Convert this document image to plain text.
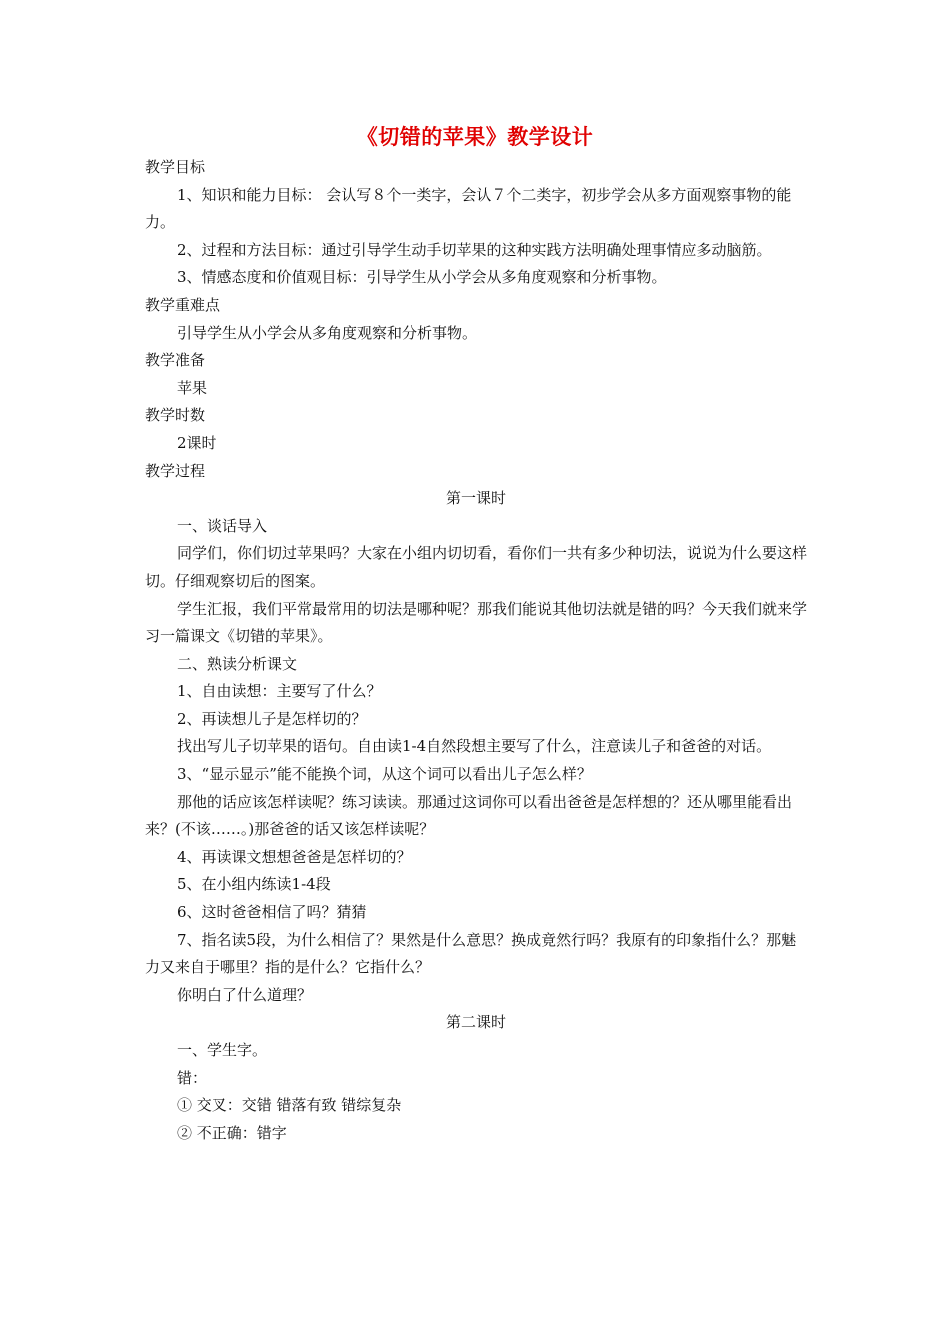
《切错的苹果》教学设计

教学目标

1、知识和能力目标： 会认写８个一类字，会认７个二类字，初步学会从多方面观察事物的能力。

2、过程和方法目标：通过引导学生动手切苹果的这种实践方法明确处理事情应多动脑筋。

3、情感态度和价值观目标：引导学生从小学会从多角度观察和分析事物。

教学重难点

引导学生从小学会从多角度观察和分析事物。

教学准备

苹果

教学时数

2课时

教学过程

第一课时

一、谈话导入

同学们，你们切过苹果吗？大家在小组内切切看，看你们一共有多少种切法，说说为什么要这样切。仔细观察切后的图案。

学生汇报，我们平常最常用的切法是哪种呢？那我们能说其他切法就是错的吗？今天我们就来学习一篇课文《切错的苹果》。

二、熟读分析课文

1、自由读想：主要写了什么？

2、再读想儿子是怎样切的？

找出写儿子切苹果的语句。自由读1-4自然段想主要写了什么，注意读儿子和爸爸的对话。

3、“显示显示”能不能换个词，从这个词可以看出儿子怎么样？

那他的话应该怎样读呢？练习读读。那通过这词你可以看出爸爸是怎样想的？还从哪里能看出来？(不该……。)那爸爸的话又该怎样读呢？

4、再读课文想想爸爸是怎样切的？

5、在小组内练读1-4段

6、这时爸爸相信了吗？猜猜

7、指名读5段，为什么相信了？果然是什么意思？换成竟然行吗？我原有的印象指什么？那魅力又来自于哪里？指的是什么？它指什么？

你明白了什么道理？

第二课时

一、学生字。

错：

① 交叉：交错 错落有致 错综复杂

② 不正确：错字
